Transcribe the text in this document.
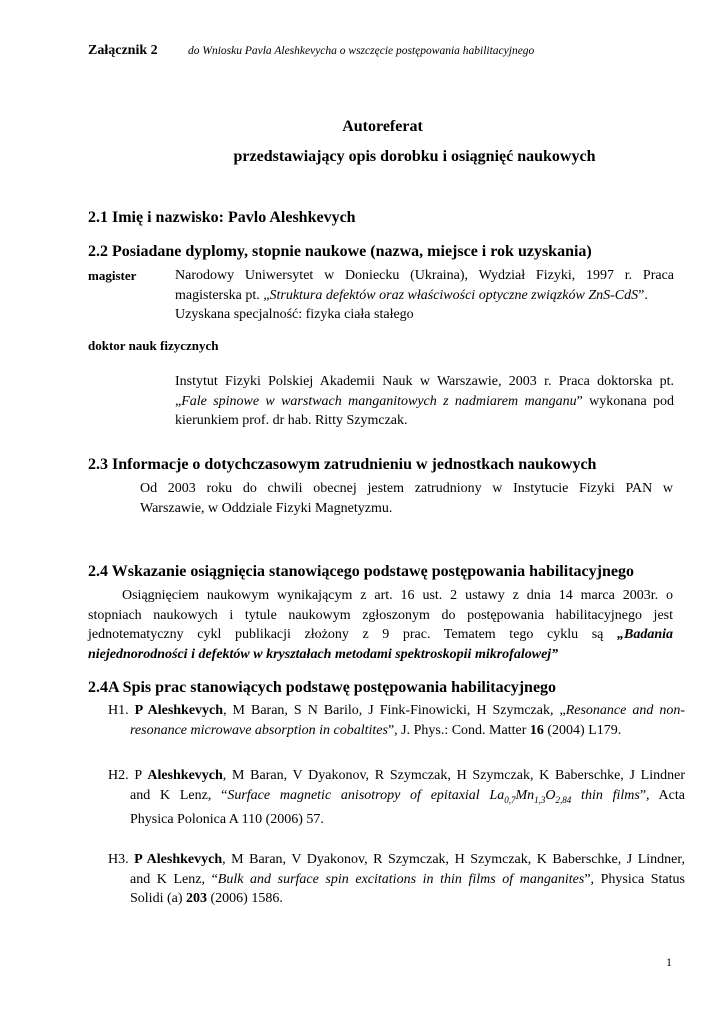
Załącznik 2	do Wniosku Pavla Aleshkevycha o wszczęcie postępowania habilitacyjnego
Autoreferat
przedstawiający opis dorobku i osiągnięć naukowych
2.1 Imię i nazwisko: Pavlo Aleshkevych
2.2 Posiadane dyplomy, stopnie naukowe (nazwa, miejsce i rok uzyskania)
magister	Narodowy Uniwersytet w Doniecku (Ukraina), Wydział Fizyki, 1997 r. Praca
magisterska pt. „Struktura defektów oraz właściwości optyczne związków ZnS-CdS”.
Uzyskana specjalność: fizyka ciała stałego
doktor nauk fizycznych
Instytut Fizyki Polskiej Akademii Nauk w Warszawie, 2003 r. Praca doktorska pt.
„Fale spinowe w warstwach manganitowych z nadmiarem manganu” wykonana pod
kierunkiem prof. dr hab. Ritty Szymczak.
2.3 Informacje o dotychczasowym zatrudnieniu w jednostkach naukowych
Od 2003 roku do chwili obecnej jestem zatrudniony w Instytucie Fizyki PAN w
Warszawie, w Oddziale Fizyki Magnetyzmu.
2.4 Wskazanie osiągnięcia stanowiącego podstawę postępowania habilitacyjnego
Osiągnięciem naukowym wynikającym z art. 16 ust. 2 ustawy z dnia 14 marca 2003r. o
stopniach naukowych i tytule naukowym zgłoszonym do postępowania habilitacyjnego jest
jednotematyczny cykl publikacji złożony z 9 prac. Tematem tego cyklu są „Badania
niejednorodności i defektów w kryształach metodami spektroskopii mikrofalowej”
2.4A Spis prac stanowiących podstawę postępowania habilitacyjnego
H1. P Aleshkevych, M Baran, S N Barilo, J Fink-Finowicki, H Szymczak, „Resonance and non-
resonance microwave absorption in cobaltites”, J. Phys.: Cond. Matter 16 (2004) L179.
H2. P Aleshkevych, M Baran, V Dyakonov, R Szymczak, H Szymczak, K Baberschke, J Lindner
and K Lenz, “Surface magnetic anisotropy of epitaxial $La_{0,7}Mn_{1,3}O_{2,84}$ thin films”, Acta
Physica Polonica A 110 (2006) 57.
H3. P Aleshkevych, M Baran, V Dyakonov, R Szymczak, H Szymczak, K Baberschke, J Lindner,
and K Lenz, “Bulk and surface spin excitations in thin films of manganites”, Physica Status
Solidi (a) 203 (2006) 1586.
1
